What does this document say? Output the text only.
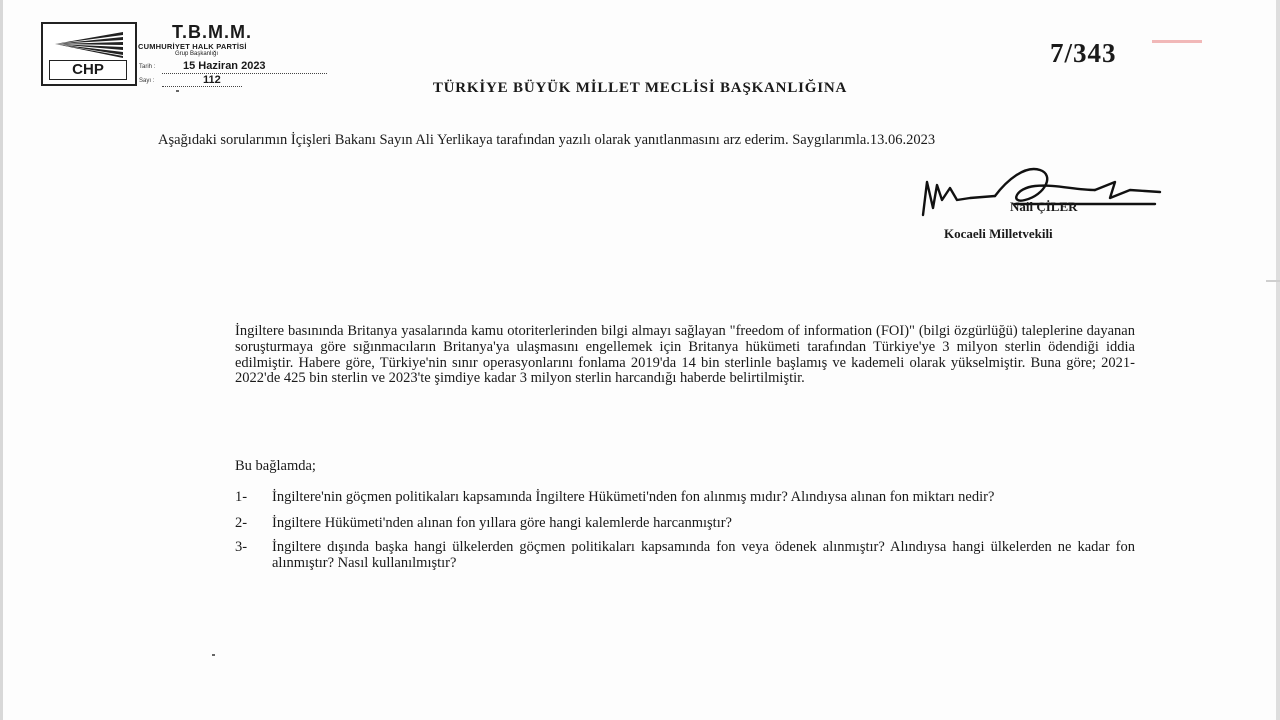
CHP
T.B.M.M.
CUMHURİYET HALK PARTİSİ
Grup Başkanlığı
Tarih :	15 Haziran 2023
Sayı :	112
7/343
TÜRKİYE BÜYÜK MİLLET MECLİSİ BAŞKANLIĞINA
Aşağıdaki sorularımın İçişleri Bakanı Sayın Ali Yerlikaya tarafından yazılı olarak yanıtlanmasını arz ederim. Saygılarımla.13.06.2023
Nail ÇİLER
Kocaeli Milletvekili
İngiltere basınında Britanya yasalarında kamu otoriterlerinden bilgi almayı sağlayan "freedom of information (FOI)" (bilgi özgürlüğü) taleplerine dayanan soruşturmaya göre sığınmacıların Britanya'ya ulaşmasını engellemek için Britanya hükümeti tarafından Türkiye'ye 3 milyon sterlin ödendiği iddia edilmiştir. Habere göre, Türkiye'nin sınır operasyonlarını fonlama 2019'da 14 bin sterlinle başlamış ve kademeli olarak yükselmiştir. Buna göre; 2021-2022'de 425 bin sterlin ve 2023'te şimdiye kadar 3 milyon sterlin harcandığı haberde belirtilmiştir.
Bu bağlamda;
1- İngiltere'nin göçmen politikaları kapsamında İngiltere Hükümeti'nden fon alınmış mıdır? Alındıysa alınan fon miktarı nedir?
2- İngiltere Hükümeti'nden alınan fon yıllara göre hangi kalemlerde harcanmıştır?
3- İngiltere dışında başka hangi ülkelerden göçmen politikaları kapsamında fon veya ödenek alınmıştır? Alındıysa hangi ülkelerden ne kadar fon alınmıştır? Nasıl kullanılmıştır?
